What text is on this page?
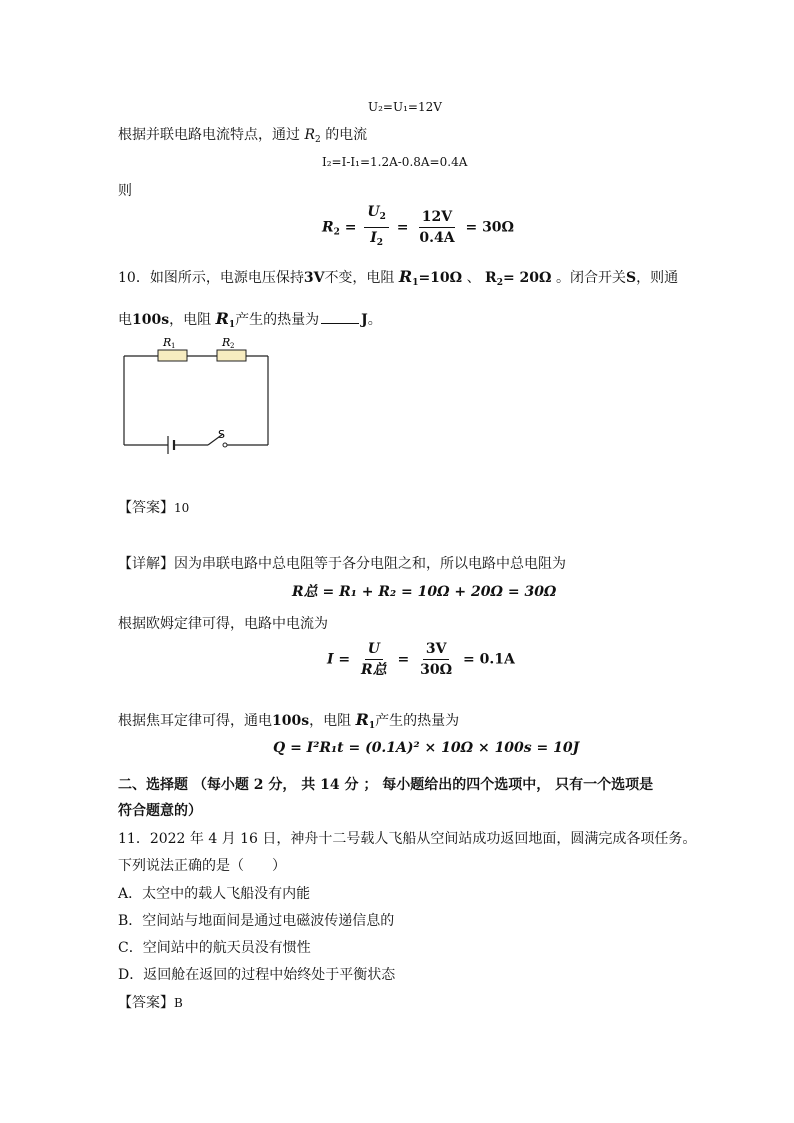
U₂=U₁=12V
根据并联电路电流特点，通过 $R_2$ 的电流
I₂=I-I₁=1.2A-0.8A=0.4A
则
$R_2 = \frac{U_2}{I_2} = \frac{12V}{0.4A} = 30\Omega$
10．如图所示，电源电压保持3V不变，电阻 $R_1=10\Omega$ 、 $R_2= 20\Omega$ 。闭合开关S，则通
电100s，电阻 $R_1$产生的热量为	J。
R 1	R 2
S
【答案】10
【详解】因为串联电路中总电阻等于各分电阻之和，所以电路中总电阻为
R总 = R₁ + R₂ = 10Ω + 20Ω = 30Ω
根据欧姆定律可得，电路中电流为
$I = \frac{U}{\text{R总}} = \frac{3V}{30\Omega} = 0.1A$
根据焦耳定律可得，通电100s，电阻 $R_1$产生的热量为
Q = I²R₁t = (0.1A)² × 10Ω × 100s = 10J
二、选择题 （每小题 2 分， 共 14 分 ； 每小题给出的四个选项中， 只有一个选项是
符合题意的）
11．2022 年 4 月 16 日，神舟十二号载人飞船从空间站成功返回地面，圆满完成各项任务。
下列说法正确的是（　　）
A．太空中的载人飞船没有内能
B．空间站与地面间是通过电磁波传递信息的
C．空间站中的航天员没有惯性
D．返回舱在返回的过程中始终处于平衡状态
【答案】B
